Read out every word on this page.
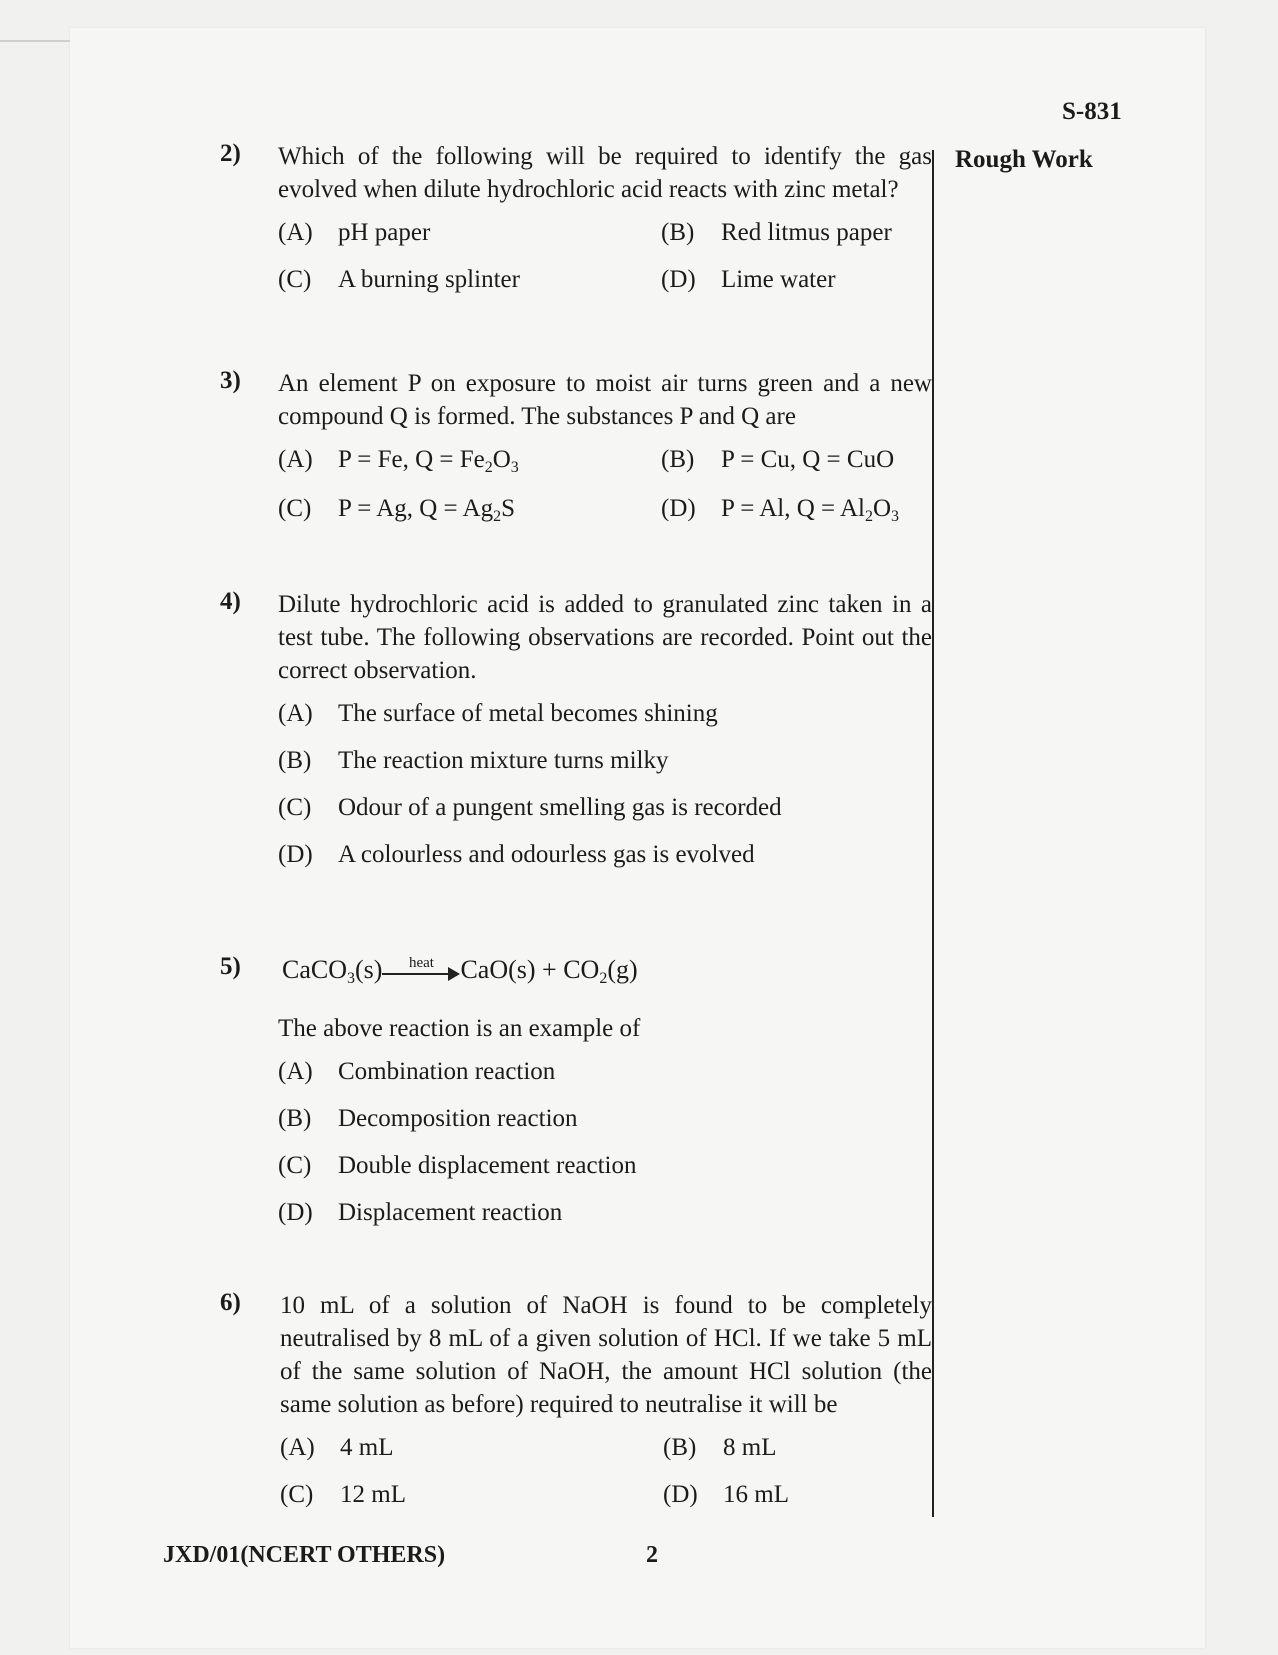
S-831
Rough Work
2) Which of the following will be required to identify the gas evolved when dilute hydrochloric acid reacts with zinc metal?
(A) pH paper	(B) Red litmus paper
(C) A burning splinter	(D) Lime water
3) An element P on exposure to moist air turns green and a new compound Q is formed. The substances P and Q are
(A) P = Fe, $Q = Fe_2O_3$	(B) P = Cu, Q = CuO
(C) P = Ag, $Q = Ag_2S$	(D) P = Al, $Q = Al_2O_3$
4) Dilute hydrochloric acid is added to granulated zinc taken in a test tube. The following observations are recorded. Point out the correct observation.
(A) The surface of metal becomes shining
(B) The reaction mixture turns milky
(C) Odour of a pungent smelling gas is recorded
(D) A colourless and odourless gas is evolved
5) CaCO$_3$(s)	heat	$CaO(s) + CO_2(g)$
The above reaction is an example of
(A) Combination reaction
(B) Decomposition reaction
(C) Double displacement reaction
(D) Displacement reaction
6) 10 mL of a solution of NaOH is found to be completely neutralised by 8 mL of a given solution of HCl. If we take 5 mL of the same solution of NaOH, the amount HCl solution (the same solution as before) required to neutralise it will be
(A) 4 mL	(B) 8 mL
(C) 12 mL	(D) 16 mL
JXD/01(NCERT OTHERS)	2
